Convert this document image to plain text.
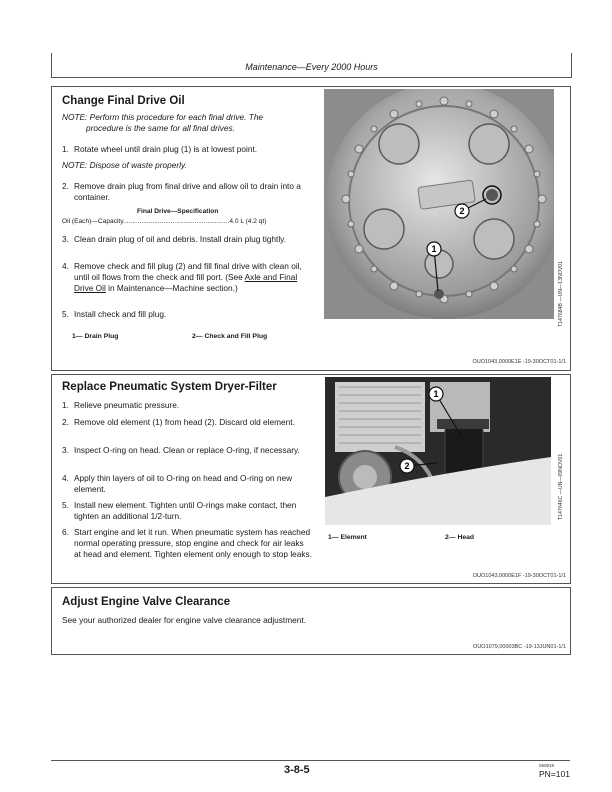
Maintenance—Every 2000 Hours
Change Final Drive Oil
NOTE: Perform this procedure for each final drive. The
procedure is the same for all final drives.
1. Rotate wheel until drain plug (1) is at lowest point.
NOTE: Dispose of waste properly.
2. Remove drain plug from final drive and allow oil to drain into a container.
Final Drive—Specification
Oil (Each)—Capacity..........................................................4.0 L (4.2 qt)
3. Clean drain plug of oil and debris. Install drain plug tightly.
4. Remove check and fill plug (2) and fill final drive with clean oil, until oil flows from the check and fill port. (See Axle and Final Drive Oil in Maintenance—Machine section.)
5. Install check and fill plug.
1— Drain Plug	2— Check and Fill Plug
1
2
T147684B —UN—13NOV01
OUO1043,0000E1E -19-30OCT01-1/1
Replace Pneumatic System Dryer-Filter
1. Relieve pneumatic pressure.
2. Remove old element (1) from head (2). Discard old element.
3. Inspect O-ring on head. Clean or replace O-ring, if necessary.
4. Apply thin layers of oil to O-ring on head and O-ring on new element.
5. Install new element. Tighten until O-rings make contact, then tighten an additional 1/2-turn.
6. Start engine and let it run. When pneumatic system has reached normal operating pressure, stop engine and check for air leaks at head and element. Tighten element only enough to stop leaks.
1— Element	2— Head
1
2	T147646C —UN—09NOV01
OUO1043,0000E1F -19-30OCT01-1/1
Adjust Engine Valve Clearance
See your authorized dealer for engine valve clearance adjustment.
OUO1079,00003BC -19-13JUN01-1/1
3-8-5	060919
PN=101
